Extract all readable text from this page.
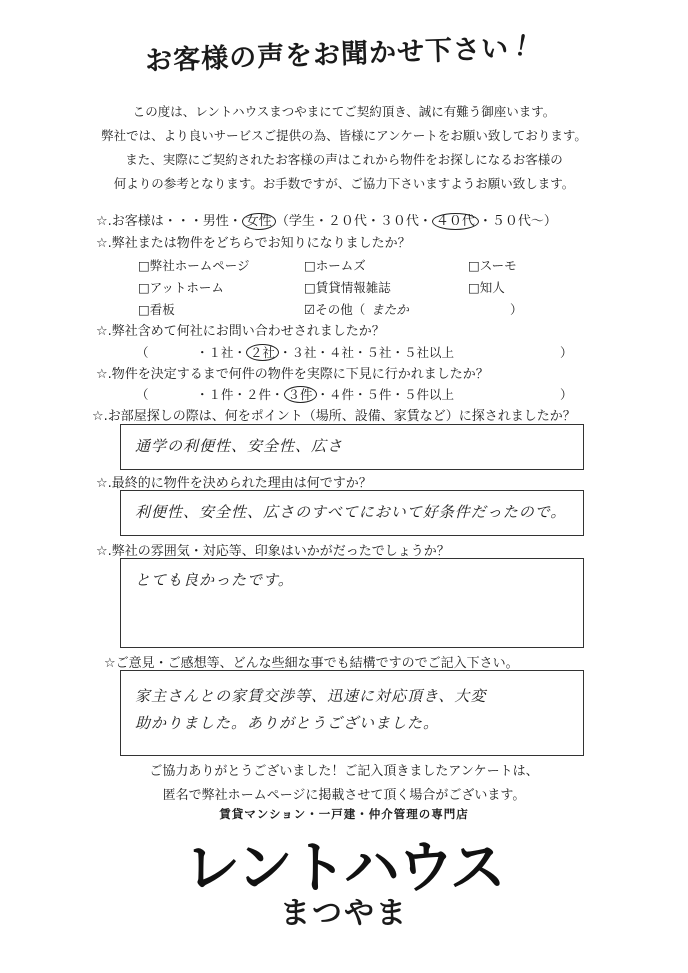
お客様の声をお聞かせ下さい！
この度は、レントハウスまつやまにてご契約頂き、誠に有難う御座います。
弊社では、より良いサービスご提供の為、皆様にアンケートをお願い致しております。
また、実際にご契約されたお客様の声はこれから物件をお探しになるお客様の
何よりの参考となります。お手数ですが、ご協力下さいますようお願い致します。
☆.お客様は・・・男性・ 女性 （学生・２０代・３０代・ ４０代 ・５０代～）
☆.弊社または物件をどちらでお知りになりましたか？
□弊社ホームページ	□ホームズ	□スーモ
□アットホーム	□賃貸情報雑誌	□知人
□看板	☑その他（ またか	）
☆.弊社含めて何社にお問い合わせされましたか？
（	・１社・ ２社 ・３社・４社・５社・５社以上	）
☆.物件を決定するまで何件の物件を実際に下見に行かれましたか？
（	・１件・２件・ ３件 ・４件・５件・５件以上	）
☆.お部屋探しの際は、何をポイント（場所、設備、家賃など）に探されましたか？
通学の利便性、安全性、広さ
☆.最終的に物件を決められた理由は何ですか？
利便性、安全性、広さのすべてにおいて好条件だったので。
☆.弊社の雰囲気・対応等、印象はいかがだったでしょうか？
とても良かったです。
☆ご意見・ご感想等、どんな些細な事でも結構ですのでご記入下さい。
家主さんとの家賃交渉等、迅速に対応頂き、大変
助かりました。ありがとうございました。
ご協力ありがとうございました！ご記入頂きましたアンケートは、
匿名で弊社ホームページに掲載させて頂く場合がございます。
賃貸マンション・一戸建・仲介管理の専門店
レントハウス
まつやま
